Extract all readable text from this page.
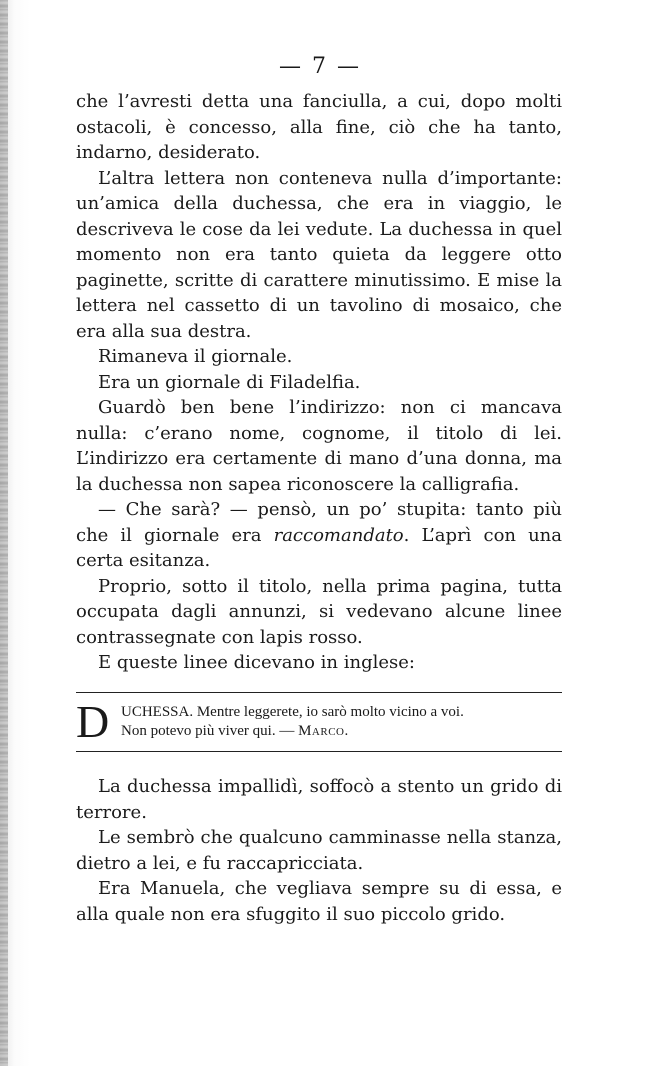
— 7 —

che l’avresti detta una fanciulla, a cui, dopo molti ostacoli, è concesso, alla fine, ciò che ha tanto, indarno, desiderato.

L’altra lettera non conteneva nulla d’importante: un’amica della duchessa, che era in viaggio, le descriveva le cose da lei vedute. La duchessa in quel momento non era tanto quieta da leggere otto paginette, scritte di carattere minutissimo. E mise la lettera nel cassetto di un tavolino di mosaico, che era alla sua destra.

Rimaneva il giornale.

Era un giornale di Filadelfia.

Guardò ben bene l’indirizzo: non ci mancava nulla: c’erano nome, cognome, il titolo di lei. L’indirizzo era certamente di mano d’una donna, ma la duchessa non sapea riconoscere la calligrafia.

— Che sarà? — pensò, un po’ stupita: tanto più che il giornale era raccomandato. L’aprì con una certa esitanza.

Proprio, sotto il titolo, nella prima pagina, tutta occupata dagli annunzi, si vedevano alcune linee contrassegnate con lapis rosso.

E queste linee dicevano in inglese:

D UCHESSA. Mentre leggerete, io sarò molto vicino a voi.
Non potevo più viver qui. — Marco.

La duchessa impallidì, soffocò a stento un grido di terrore.

Le sembrò che qualcuno camminasse nella stanza, dietro a lei, e fu raccapricciata.

Era Manuela, che vegliava sempre su di essa, e alla quale non era sfuggito il suo piccolo grido.
